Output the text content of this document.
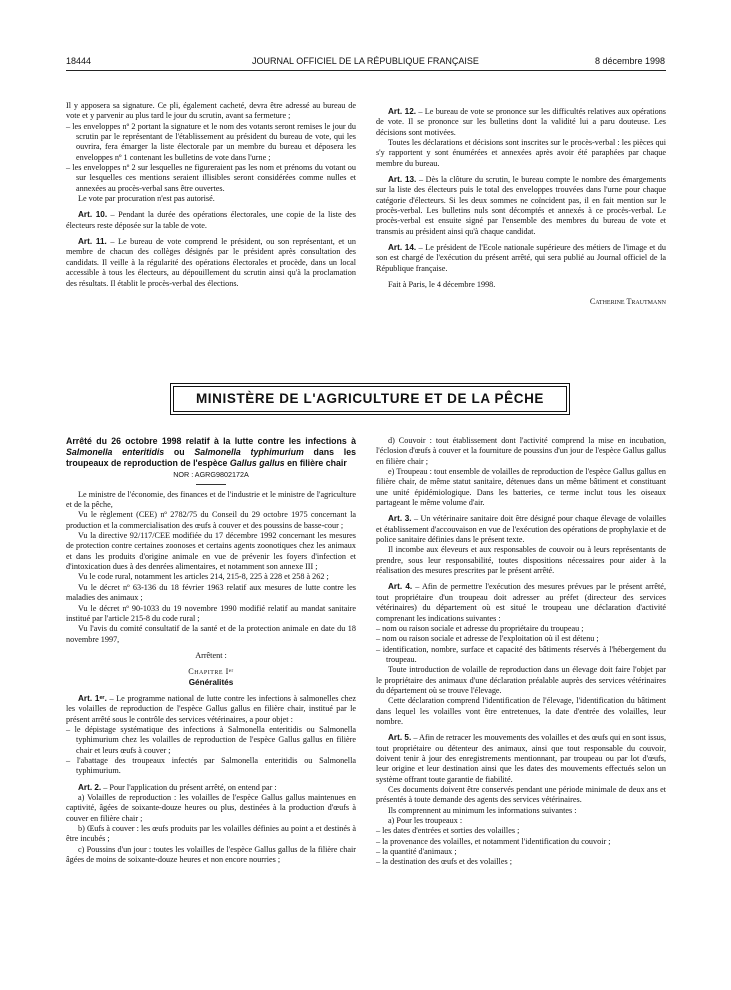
18444	JOURNAL OFFICIEL DE LA RÉPUBLIQUE FRANÇAISE	8 décembre 1998

Il y apposera sa signature. Ce pli, également cacheté, devra être adressé au bureau de vote et y parvenir au plus tard le jour du scrutin, avant sa fermeture ;

– les enveloppes nº 2 portant la signature et le nom des votants seront remises le jour du scrutin par le représentant de l'établissement au président du bureau de vote, qui les ouvrira, fera émarger la liste électorale par un membre du bureau et déposera les enveloppes nº 1 contenant les bulletins de vote dans l'urne ;

– les enveloppes nº 2 sur lesquelles ne figureraient pas les nom et prénoms du votant ou sur lesquelles ces mentions seraient illisibles seront considérées comme nulles et annexées au procès-verbal sans être ouvertes.

Le vote par procuration n'est pas autorisé.

Art. 10. – Pendant la durée des opérations électorales, une copie de la liste des électeurs reste déposée sur la table de vote.

Art. 11. – Le bureau de vote comprend le président, ou son représentant, et un membre de chacun des collèges désignés par le président après consultation des candidats. Il veille à la régularité des opérations électorales et procède, dans un local accessible à tous les électeurs, au dépouillement du scrutin ainsi qu'à la proclamation des résultats. Il établit le procès-verbal des élections.

Art. 12. – Le bureau de vote se prononce sur les difficultés relatives aux opérations de vote. Il se prononce sur les bulletins dont la validité lui a paru douteuse. Les décisions sont motivées.

Toutes les déclarations et décisions sont inscrites sur le procès-verbal : les pièces qui s'y rapportent y sont énumérées et annexées après avoir été paraphées par chaque membre du bureau.

Art. 13. – Dès la clôture du scrutin, le bureau compte le nombre des émargements sur la liste des électeurs puis le total des enveloppes trouvées dans l'urne pour chaque catégorie d'électeurs. Si les deux sommes ne coïncident pas, il en fait mention sur le procès-verbal. Les bulletins nuls sont décomptés et annexés à ce procès-verbal. Le procès-verbal est ensuite signé par l'ensemble des membres du bureau de vote et transmis au président ainsi qu'à chaque candidat.

Art. 14. – Le président de l'Ecole nationale supérieure des métiers de l'image et du son est chargé de l'exécution du présent arrêté, qui sera publié au Journal officiel de la République française.

Fait à Paris, le 4 décembre 1998.

Catherine Trautmann

MINISTÈRE DE L'AGRICULTURE ET DE LA PÊCHE
Arrêté du 26 octobre 1998 relatif à la lutte contre les infections à Salmonella enteritidis ou Salmonella typhimurium dans les troupeaux de reproduction de l'espèce Gallus gallus en filière chair
NOR : AGRG9802172A

Le ministre de l'économie, des finances et de l'industrie et le ministre de l'agriculture et de la pêche,

Vu le règlement (CEE) nº 2782/75 du Conseil du 29 octobre 1975 concernant la production et la commercialisation des œufs à couver et des poussins de basse-cour ;

Vu la directive 92/117/CEE modifiée du 17 décembre 1992 concernant les mesures de protection contre certaines zoonoses et certains agents zoonotiques chez les animaux et dans les produits d'origine animale en vue de prévenir les foyers d'infection et d'intoxication dues à des denrées alimentaires, et notamment son annexe III ;

Vu le code rural, notamment les articles 214, 215-8, 225 à 228 et 258 à 262 ;

Vu le décret nº 63-136 du 18 février 1963 relatif aux mesures de lutte contre les maladies des animaux ;

Vu le décret nº 90-1033 du 19 novembre 1990 modifié relatif au mandat sanitaire institué par l'article 215-8 du code rural ;

Vu l'avis du comité consultatif de la santé et de la protection animale en date du 18 novembre 1997,

Arrêtent :

Chapitre Iᵉʳ

Généralités

Art. 1ᵉʳ. – Le programme national de lutte contre les infections à salmonelles chez les volailles de reproduction de l'espèce Gallus gallus en filière chair, institué par le présent arrêté sous le contrôle des services vétérinaires, a pour objet :

– le dépistage systématique des infections à Salmonella enteritidis ou Salmonella typhimurium chez les volailles de reproduction de l'espèce Gallus gallus en filière chair et leurs œufs à couver ;

– l'abattage des troupeaux infectés par Salmonella enteritidis ou Salmonella typhimurium.

Art. 2. – Pour l'application du présent arrêté, on entend par :

a) Volailles de reproduction : les volailles de l'espèce Gallus gallus maintenues en captivité, âgées de soixante-douze heures ou plus, destinées à la production d'œufs à couver en filière chair ;

b) Œufs à couver : les œufs produits par les volailles définies au point a et destinés à être incubés ;

c) Poussins d'un jour : toutes les volailles de l'espèce Gallus gallus de la filière chair âgées de moins de soixante-douze heures et non encore nourries ;

d) Couvoir : tout établissement dont l'activité comprend la mise en incubation, l'éclosion d'œufs à couver et la fourniture de poussins d'un jour de l'espèce Gallus gallus en filière chair ;

e) Troupeau : tout ensemble de volailles de reproduction de l'espèce Gallus gallus en filière chair, de même statut sanitaire, détenues dans un même bâtiment et constituant une unité épidémiologique. Dans les batteries, ce terme inclut tous les oiseaux partageant le même volume d'air.

Art. 3. – Un vétérinaire sanitaire doit être désigné pour chaque élevage de volailles et établissement d'accouvaison en vue de l'exécution des opérations de prophylaxie et de police sanitaire définies dans le présent texte.

Il incombe aux éleveurs et aux responsables de couvoir ou à leurs représentants de prendre, sous leur responsabilité, toutes dispositions nécessaires pour aider à la réalisation des mesures prescrites par le présent arrêté.

Art. 4. – Afin de permettre l'exécution des mesures prévues par le présent arrêté, tout propriétaire d'un troupeau doit adresser au préfet (directeur des services vétérinaires) du département où est situé le troupeau une déclaration d'activité comprenant les indications suivantes :

– nom ou raison sociale et adresse du propriétaire du troupeau ;

– nom ou raison sociale et adresse de l'exploitation où il est détenu ;

– identification, nombre, surface et capacité des bâtiments réservés à l'hébergement du troupeau.

Toute introduction de volaille de reproduction dans un élevage doit faire l'objet par le propriétaire des animaux d'une déclaration préalable auprès des services vétérinaires du département où se trouve l'élevage.

Cette déclaration comprend l'identification de l'élevage, l'identification du bâtiment dans lequel les volailles vont être entretenues, la date d'entrée des volailles, leur nombre.

Art. 5. – Afin de retracer les mouvements des volailles et des œufs qui en sont issus, tout propriétaire ou détenteur des animaux, ainsi que tout responsable du couvoir, doivent tenir à jour des enregistrements mentionnant, par troupeau ou par lot d'œufs, leur origine et leur destination ainsi que les dates des mouvements effectués selon un système offrant toute garantie de fiabilité.

Ces documents doivent être conservés pendant une période minimale de deux ans et présentés à toute demande des agents des services vétérinaires.

Ils comprennent au minimum les informations suivantes :

a) Pour les troupeaux :

– les dates d'entrées et sorties des volailles ;

– la provenance des volailles, et notamment l'identification du couvoir ;

– la quantité d'animaux ;

– la destination des œufs et des volailles ;
